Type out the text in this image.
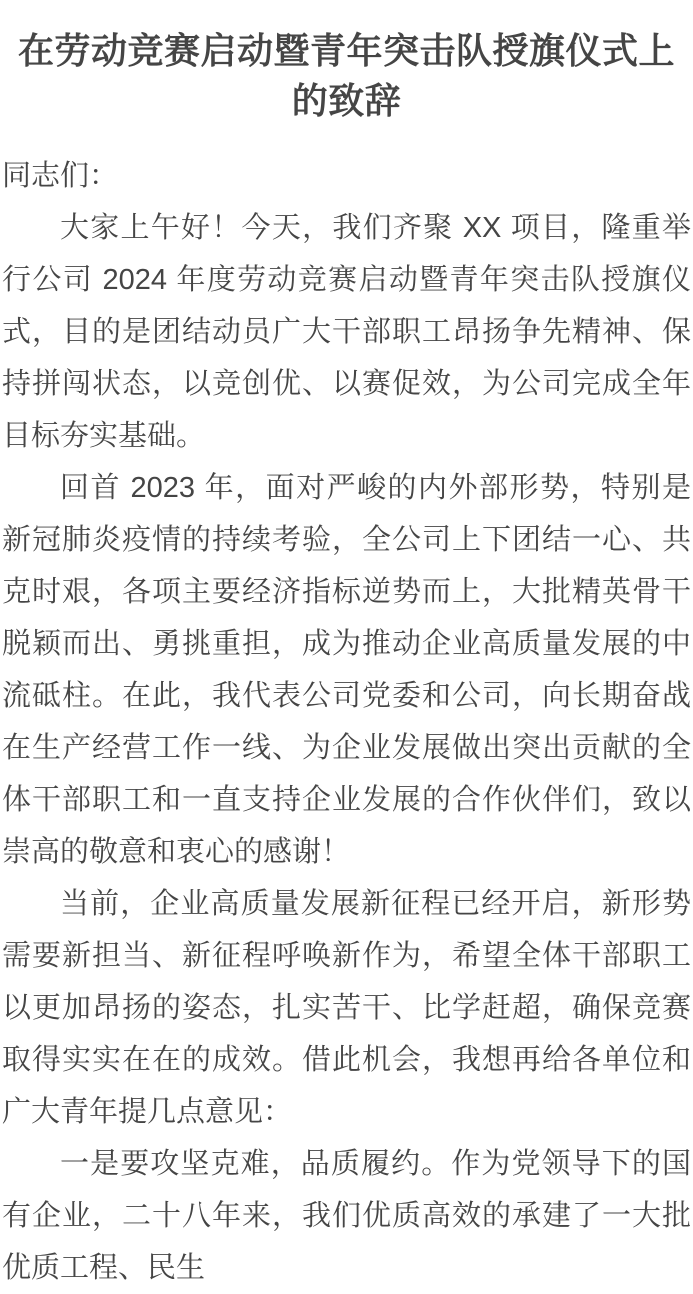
在劳动竞赛启动暨青年突击队授旗仪式上的致辞

同志们：

大家上午好！今天，我们齐聚 XX 项目，隆重举行公司 2024 年度劳动竞赛启动暨青年突击队授旗仪式，目的是团结动员广大干部职工昂扬争先精神、保持拼闯状态，以竞创优、以赛促效，为公司完成全年目标夯实基础。

回首 2023 年，面对严峻的内外部形势，特别是新冠肺炎疫情的持续考验，全公司上下团结一心、共克时艰，各项主要经济指标逆势而上，大批精英骨干脱颖而出、勇挑重担，成为推动企业高质量发展的中流砥柱。在此，我代表公司党委和公司，向长期奋战在生产经营工作一线、为企业发展做出突出贡献的全体干部职工和一直支持企业发展的合作伙伴们，致以崇高的敬意和衷心的感谢！

当前，企业高质量发展新征程已经开启，新形势需要新担当、新征程呼唤新作为，希望全体干部职工以更加昂扬的姿态，扎实苦干、比学赶超，确保竞赛取得实实在在的成效。借此机会，我想再给各单位和广大青年提几点意见：

一是要攻坚克难，品质履约。作为党领导下的国有企业，二十八年来，我们优质高效的承建了一大批优质工程、民生
